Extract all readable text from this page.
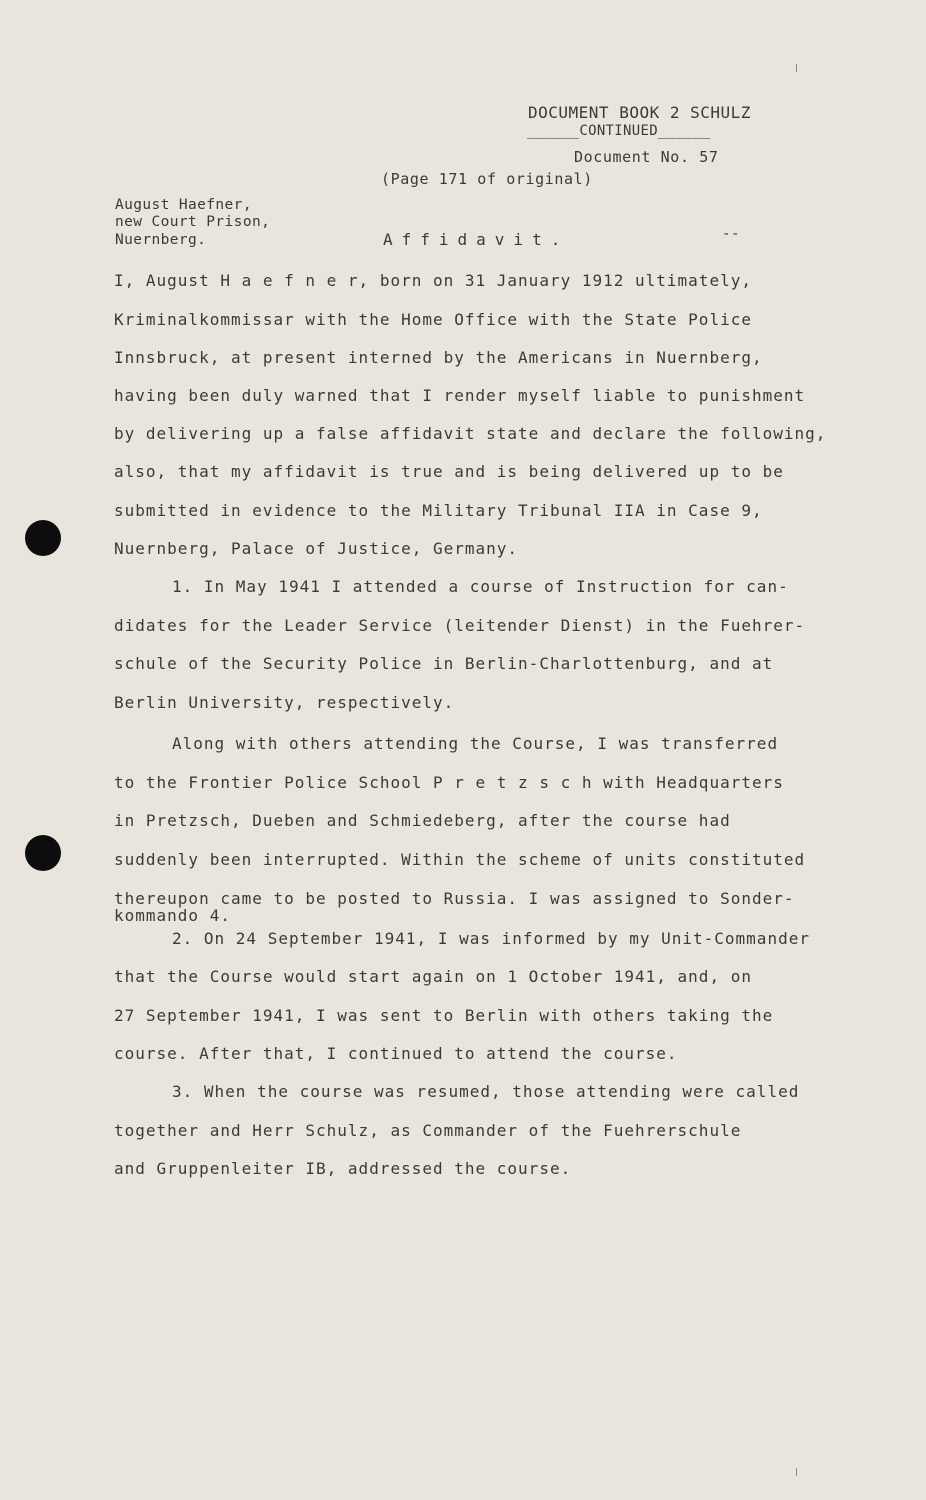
DOCUMENT BOOK 2 SCHULZ
______CONTINUED______
Document No. 57
(Page 171 of original)
August Haefner,
new Court Prison,
Nuernberg.	Affidavit.	--
I, August H a e f n e r, born on 31 January 1912 ultimately,
Kriminalkommissar with the Home Office with the State Police
Innsbruck, at present interned by the Americans in Nuernberg,
having been duly warned that I render myself liable to punishment
by delivering up a false affidavit state and declare the following,
also, that my affidavit is true and is being delivered up to be
submitted in evidence to the Military Tribunal IIA in Case 9,
Nuernberg, Palace of Justice, Germany.
1. In May 1941 I attended a course of Instruction for can-
didates for the Leader Service (leitender Dienst) in the Fuehrer-
schule of the Security Police in Berlin-Charlottenburg, and at
Berlin University, respectively.
Along with others attending the Course, I was transferred
to the Frontier Police School P r e t z s c h with Headquarters
in Pretzsch, Dueben and Schmiedeberg, after the course had
suddenly been interrupted. Within the scheme of units constituted
thereupon came to be posted to Russia. I was assigned to Sonder-
kommando 4.
2. On 24 September 1941, I was informed by my Unit-Commander
that the Course would start again on 1 October 1941, and, on
27 September 1941, I was sent to Berlin with others taking the
course. After that, I continued to attend the course.
3. When the course was resumed, those attending were called
together and Herr Schulz, as Commander of the Fuehrerschule
and Gruppenleiter IB, addressed the course.
